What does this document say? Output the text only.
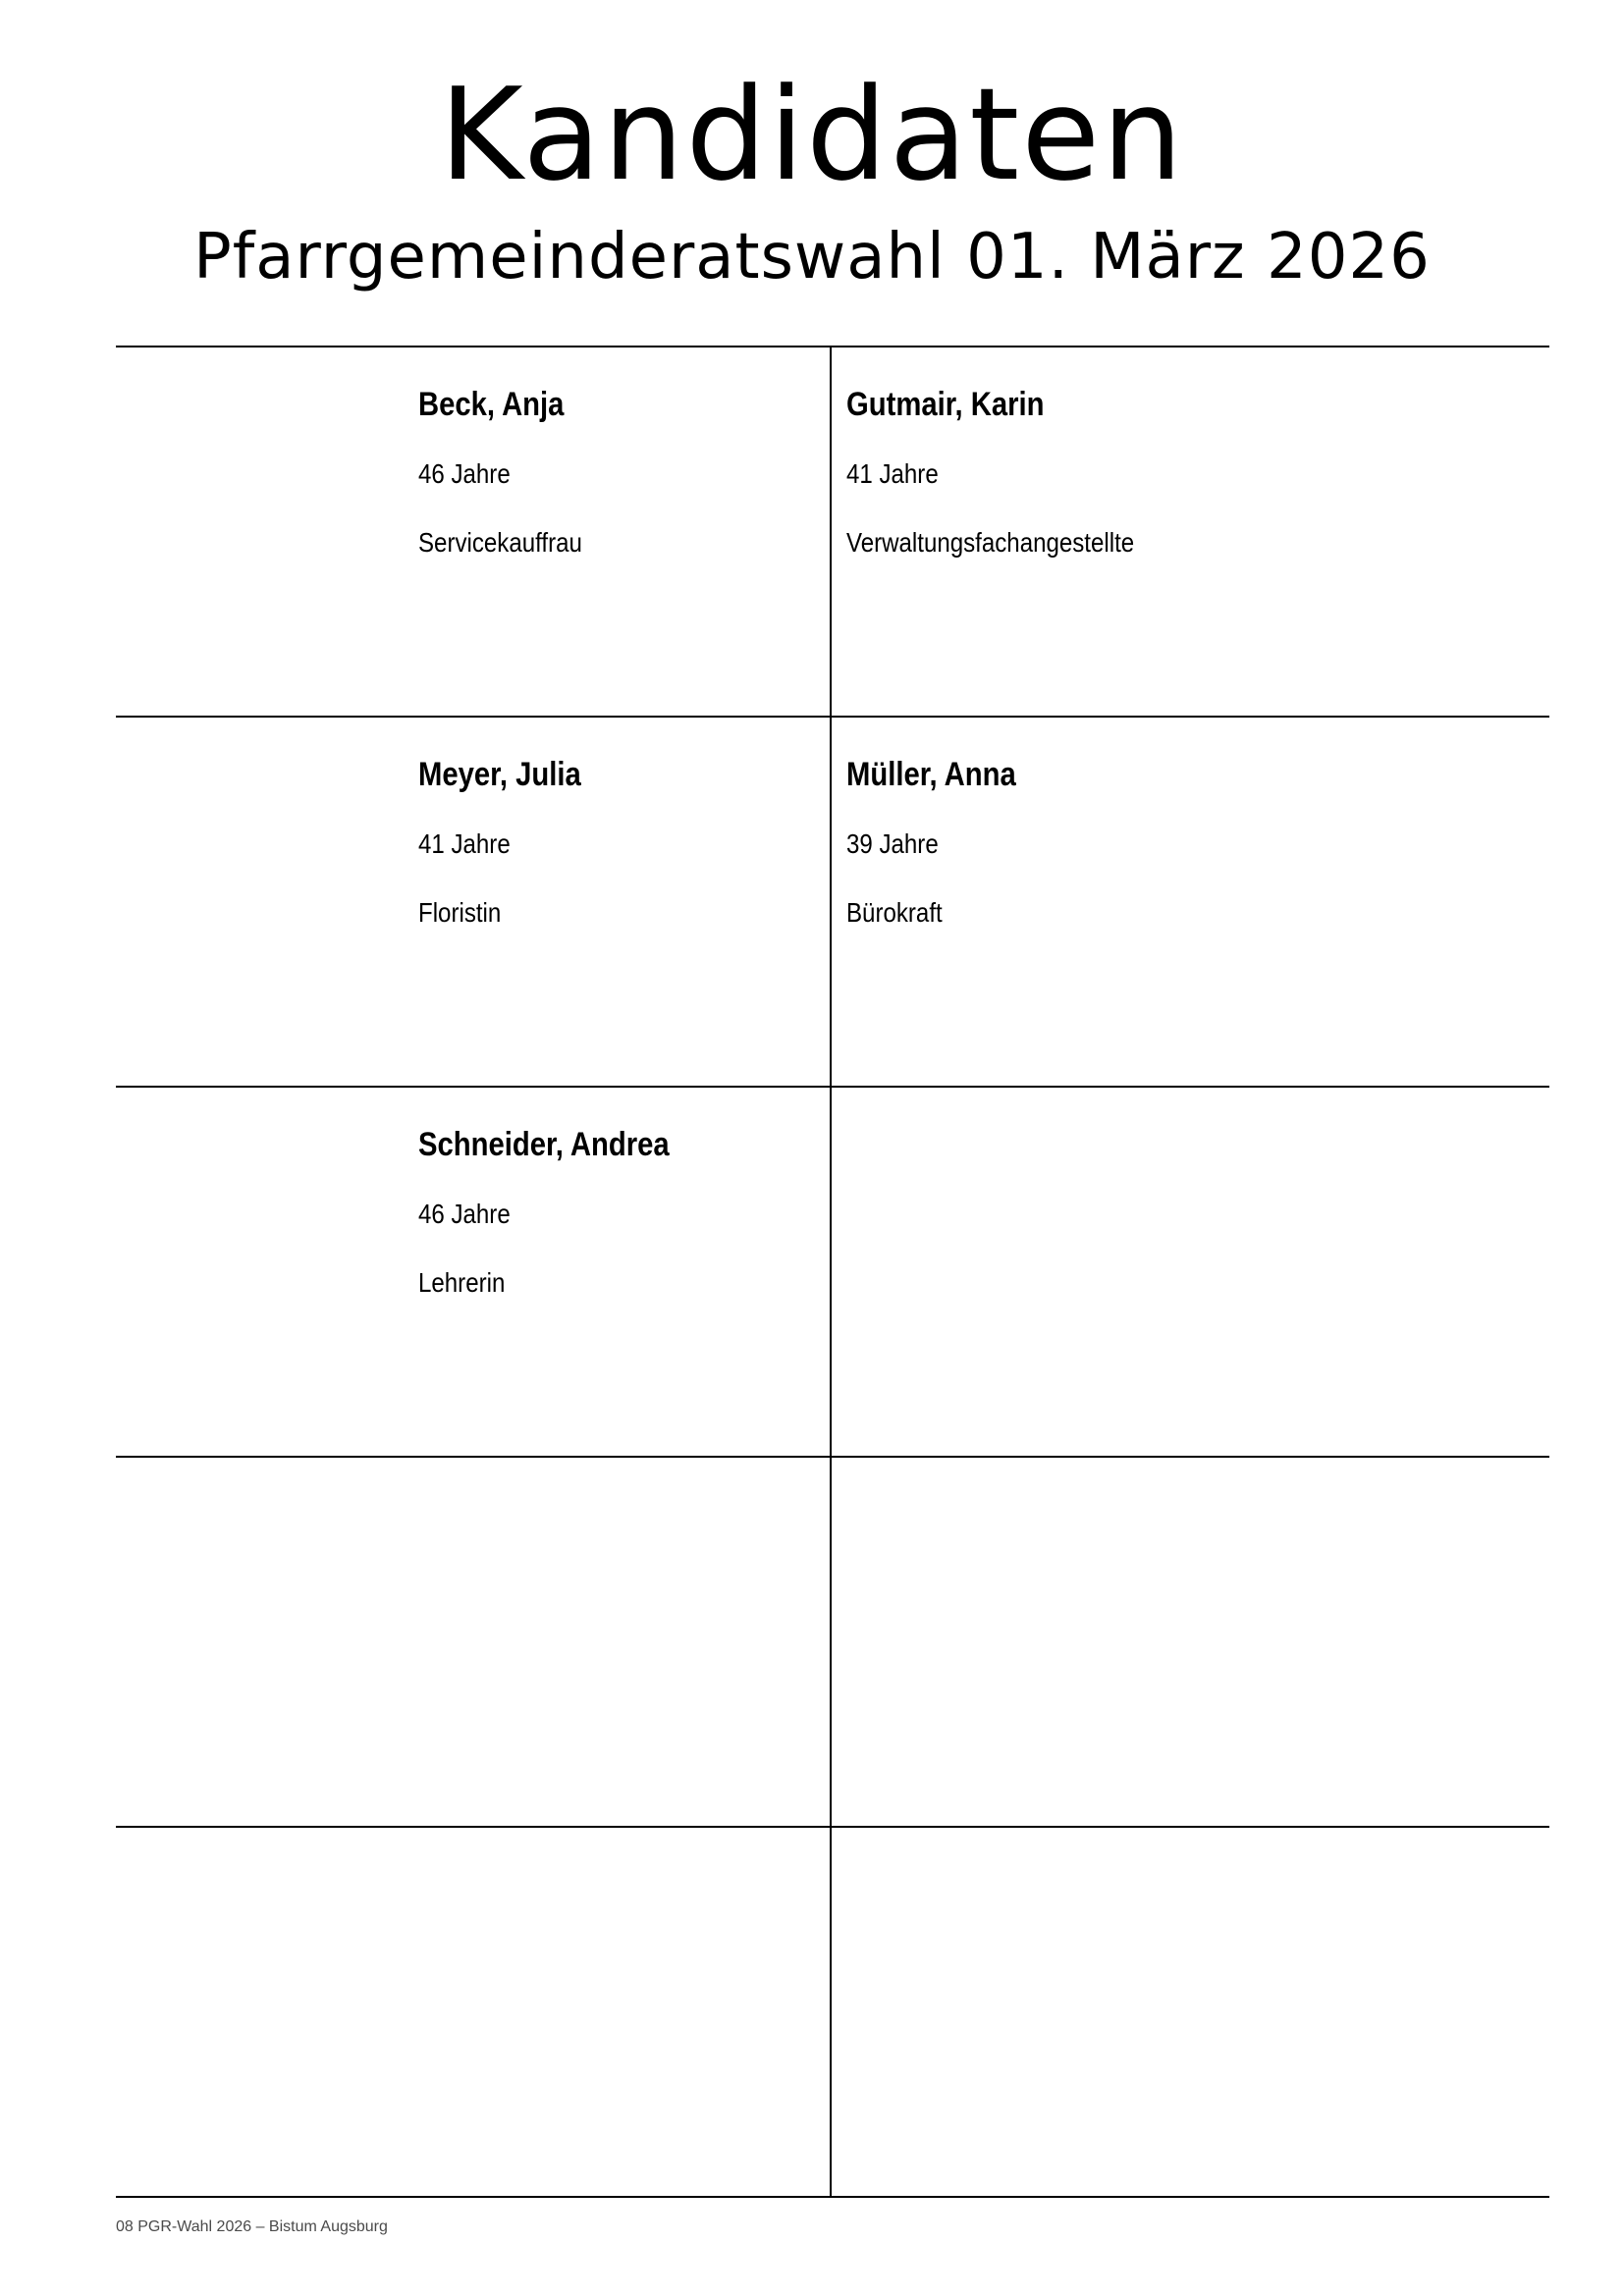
Kandidaten
Pfarrgemeinderatswahl 01. März 2026
Beck, Anja
46 Jahre
Servicekauffrau
Gutmair, Karin
41 Jahre
Verwaltungsfachangestellte
Meyer, Julia
41 Jahre
Floristin
Müller, Anna
39 Jahre
Bürokraft
Schneider, Andrea
46 Jahre
Lehrerin
08 PGR-Wahl 2026 – Bistum Augsburg
